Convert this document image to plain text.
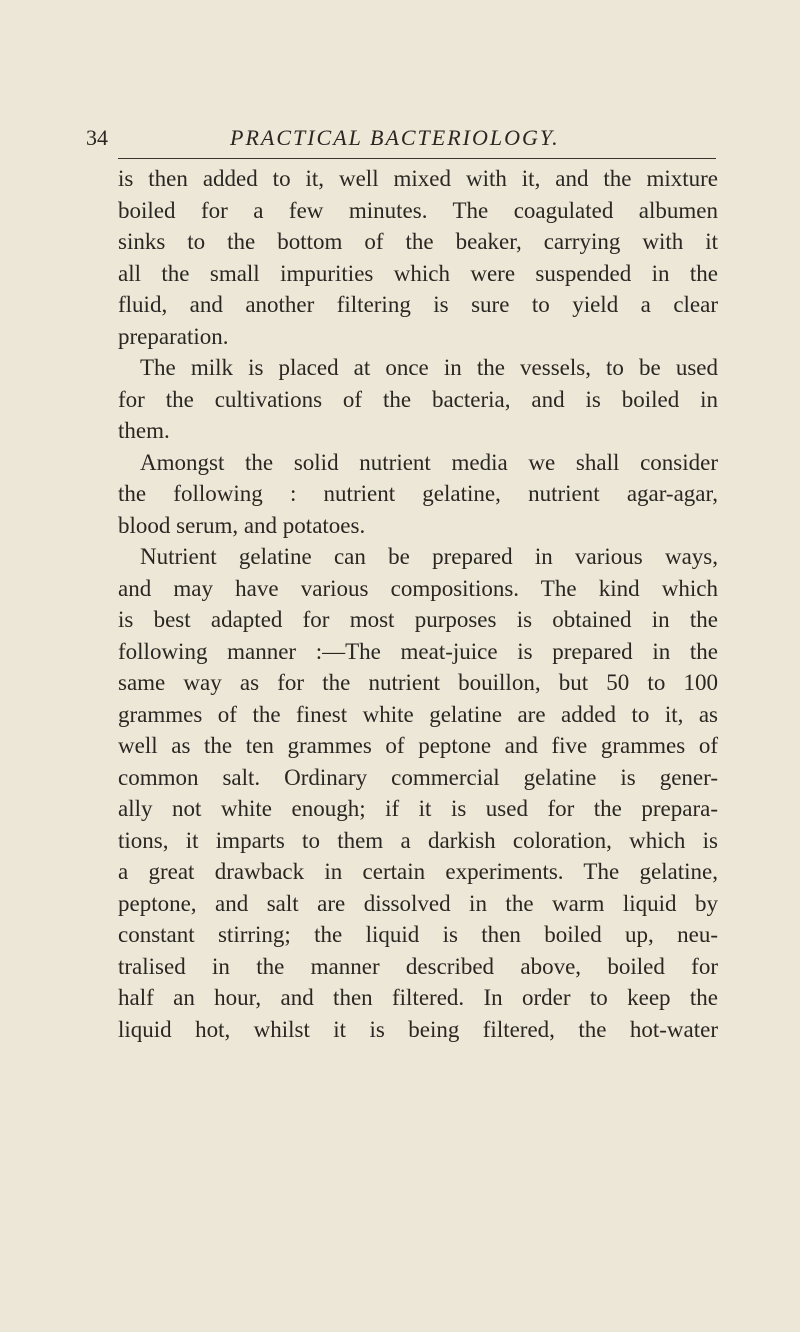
34	PRACTICAL BACTERIOLOGY.
is then added to it, well mixed with it, and the mixture
boiled for a few minutes. The coagulated albumen
sinks to the bottom of the beaker, carrying with it
all the small impurities which were suspended in the
fluid, and another filtering is sure to yield a clear
preparation.
The milk is placed at once in the vessels, to be used
for the cultivations of the bacteria, and is boiled in
them.
Amongst the solid nutrient media we shall consider
the following : nutrient gelatine, nutrient agar-agar,
blood serum, and potatoes.
Nutrient gelatine can be prepared in various ways,
and may have various compositions. The kind which
is best adapted for most purposes is obtained in the
following manner :—The meat-juice is prepared in the
same way as for the nutrient bouillon, but 50 to 100
grammes of the finest white gelatine are added to it, as
well as the ten grammes of peptone and five grammes of
common salt. Ordinary commercial gelatine is gener-
ally not white enough; if it is used for the prepara-
tions, it imparts to them a darkish coloration, which is
a great drawback in certain experiments. The gelatine,
peptone, and salt are dissolved in the warm liquid by
constant stirring; the liquid is then boiled up, neu-
tralised in the manner described above, boiled for
half an hour, and then filtered. In order to keep the
liquid hot, whilst it is being filtered, the hot-water
